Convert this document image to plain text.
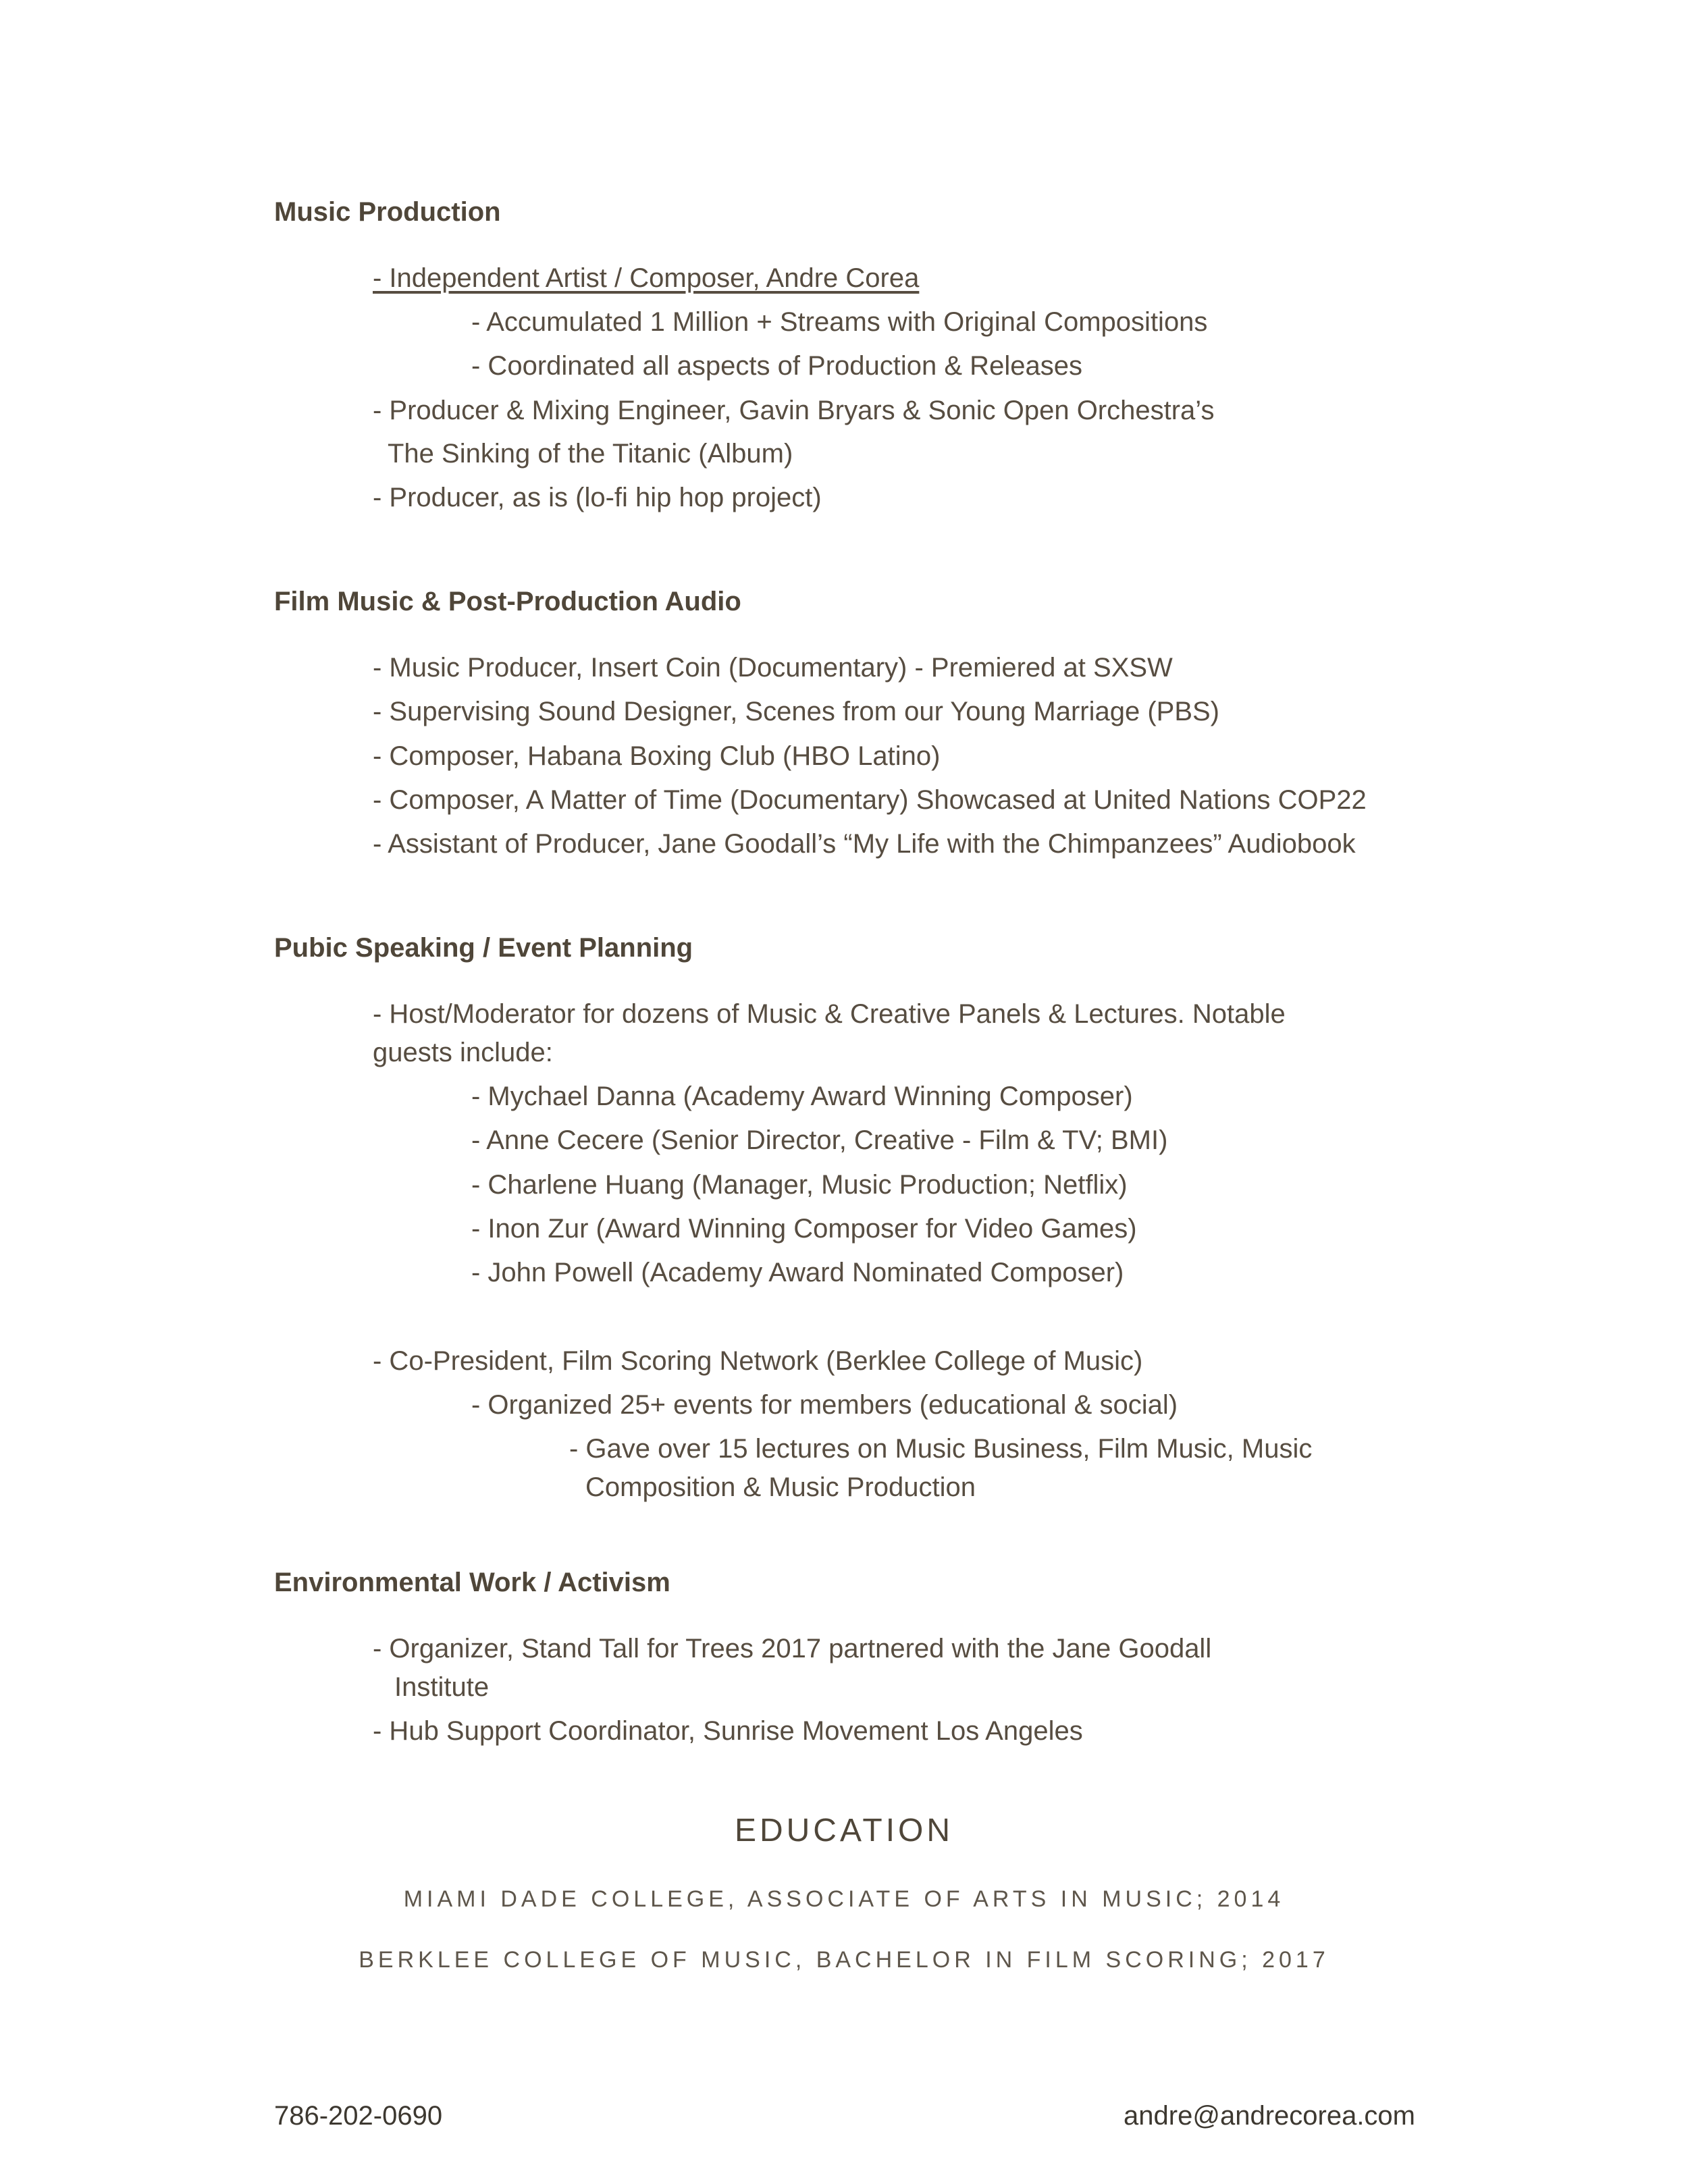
Music Production
- Independent Artist / Composer, Andre Corea
- Accumulated 1 Million + Streams with Original Compositions
- Coordinated all aspects of Production & Releases
- Producer & Mixing Engineer, Gavin Bryars & Sonic Open Orchestra’s
The Sinking of the Titanic (Album)
- Producer, as is (lo-fi hip hop project)
Film Music & Post-Production Audio
- Music Producer, Insert Coin (Documentary) - Premiered at SXSW
- Supervising Sound Designer, Scenes from our Young Marriage (PBS)
- Composer, Habana Boxing Club (HBO Latino)
- Composer, A Matter of Time (Documentary) Showcased at United Nations COP22
- Assistant of Producer, Jane Goodall’s “My Life with the Chimpanzees” Audiobook
Pubic Speaking / Event Planning
- Host/Moderator for dozens of Music & Creative Panels & Lectures. Notable
guests include:
- Mychael Danna (Academy Award Winning Composer)
- Anne Cecere (Senior Director, Creative - Film & TV; BMI)
- Charlene Huang (Manager, Music Production; Netflix)
- Inon Zur (Award Winning Composer for Video Games)
- John Powell (Academy Award Nominated Composer)
- Co-President, Film Scoring Network (Berklee College of Music)
- Organized 25+ events for members (educational & social)
- Gave over 15 lectures on Music Business, Film Music, Music
Composition & Music Production
Environmental Work / Activism
- Organizer, Stand Tall for Trees 2017 partnered with the Jane Goodall
Institute
- Hub Support Coordinator, Sunrise Movement Los Angeles
EDUCATION
MIAMI DADE COLLEGE, ASSOCIATE OF ARTS IN MUSIC; 2014
BERKLEE COLLEGE OF MUSIC, BACHELOR IN FILM SCORING; 2017
786-202-0690	andre@andrecorea.com
